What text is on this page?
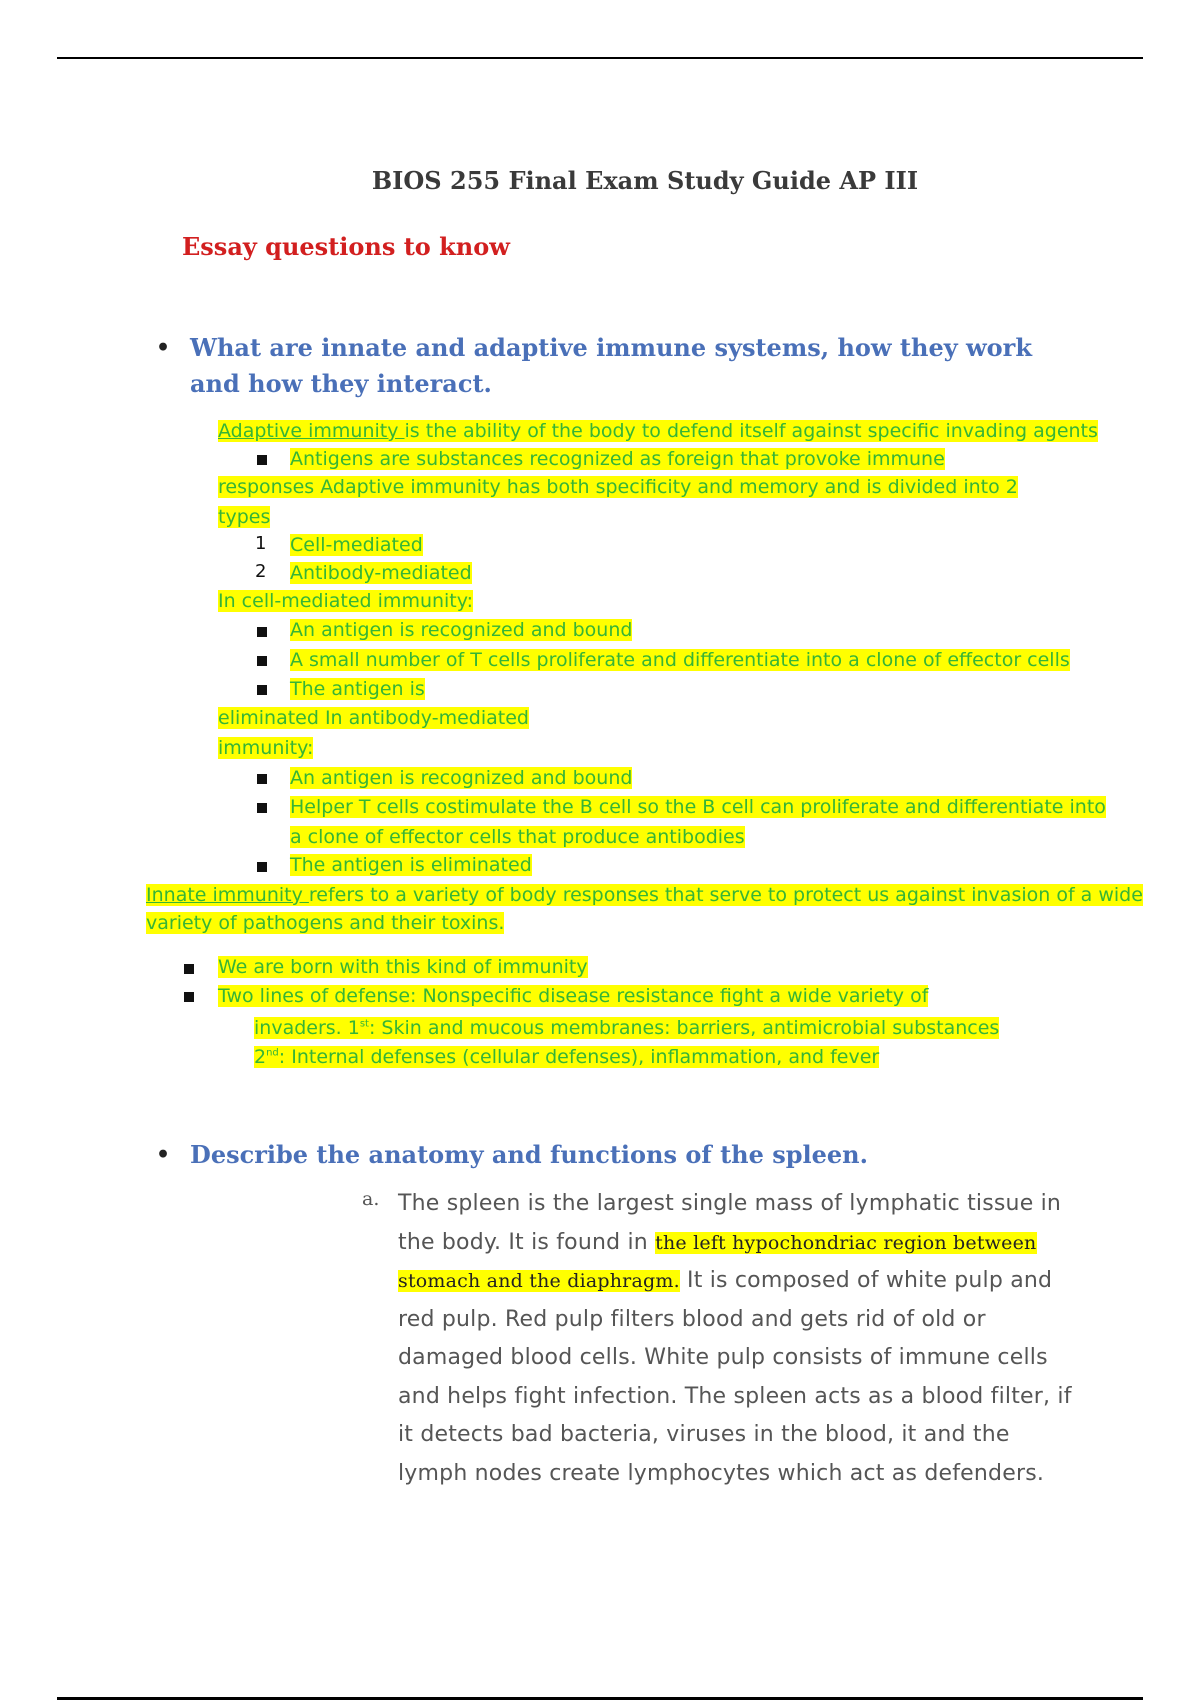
BIOS 255 Final Exam Study Guide AP III
Essay questions to know
• What are innate and adaptive immune systems, how they work and how they interact.
Adaptive immunity is the ability of the body to defend itself against specific invading agents
Antigens are substances recognized as foreign that provoke immune
responses Adaptive immunity has both specificity and memory and is divided into 2
types
1 Cell-mediated
2 Antibody-mediated
In cell-mediated immunity:
An antigen is recognized and bound
A small number of T cells proliferate and differentiate into a clone of effector cells
The antigen is
eliminated In antibody-mediated
immunity:
An antigen is recognized and bound
Helper T cells costimulate the B cell so the B cell can proliferate and differentiate into
a clone of effector cells that produce antibodies
The antigen is eliminated
Innate immunity refers to a variety of body responses that serve to protect us against invasion of a wide
variety of pathogens and their toxins.
We are born with this kind of immunity
Two lines of defense: Nonspecific disease resistance fight a wide variety of
invaders. 1st: Skin and mucous membranes: barriers, antimicrobial substances
2nd: Internal defenses (cellular defenses), inflammation, and fever
• Describe the anatomy and functions of the spleen.
a. The spleen is the largest single mass of lymphatic tissue in the body. It is found in the left hypochondriac region between stomach and the diaphragm. It is composed of white pulp and red pulp. Red pulp filters blood and gets rid of old or damaged blood cells. White pulp consists of immune cells and helps fight infection. The spleen acts as a blood filter, if it detects bad bacteria, viruses in the blood, it and the lymph nodes create lymphocytes which act as defenders.
